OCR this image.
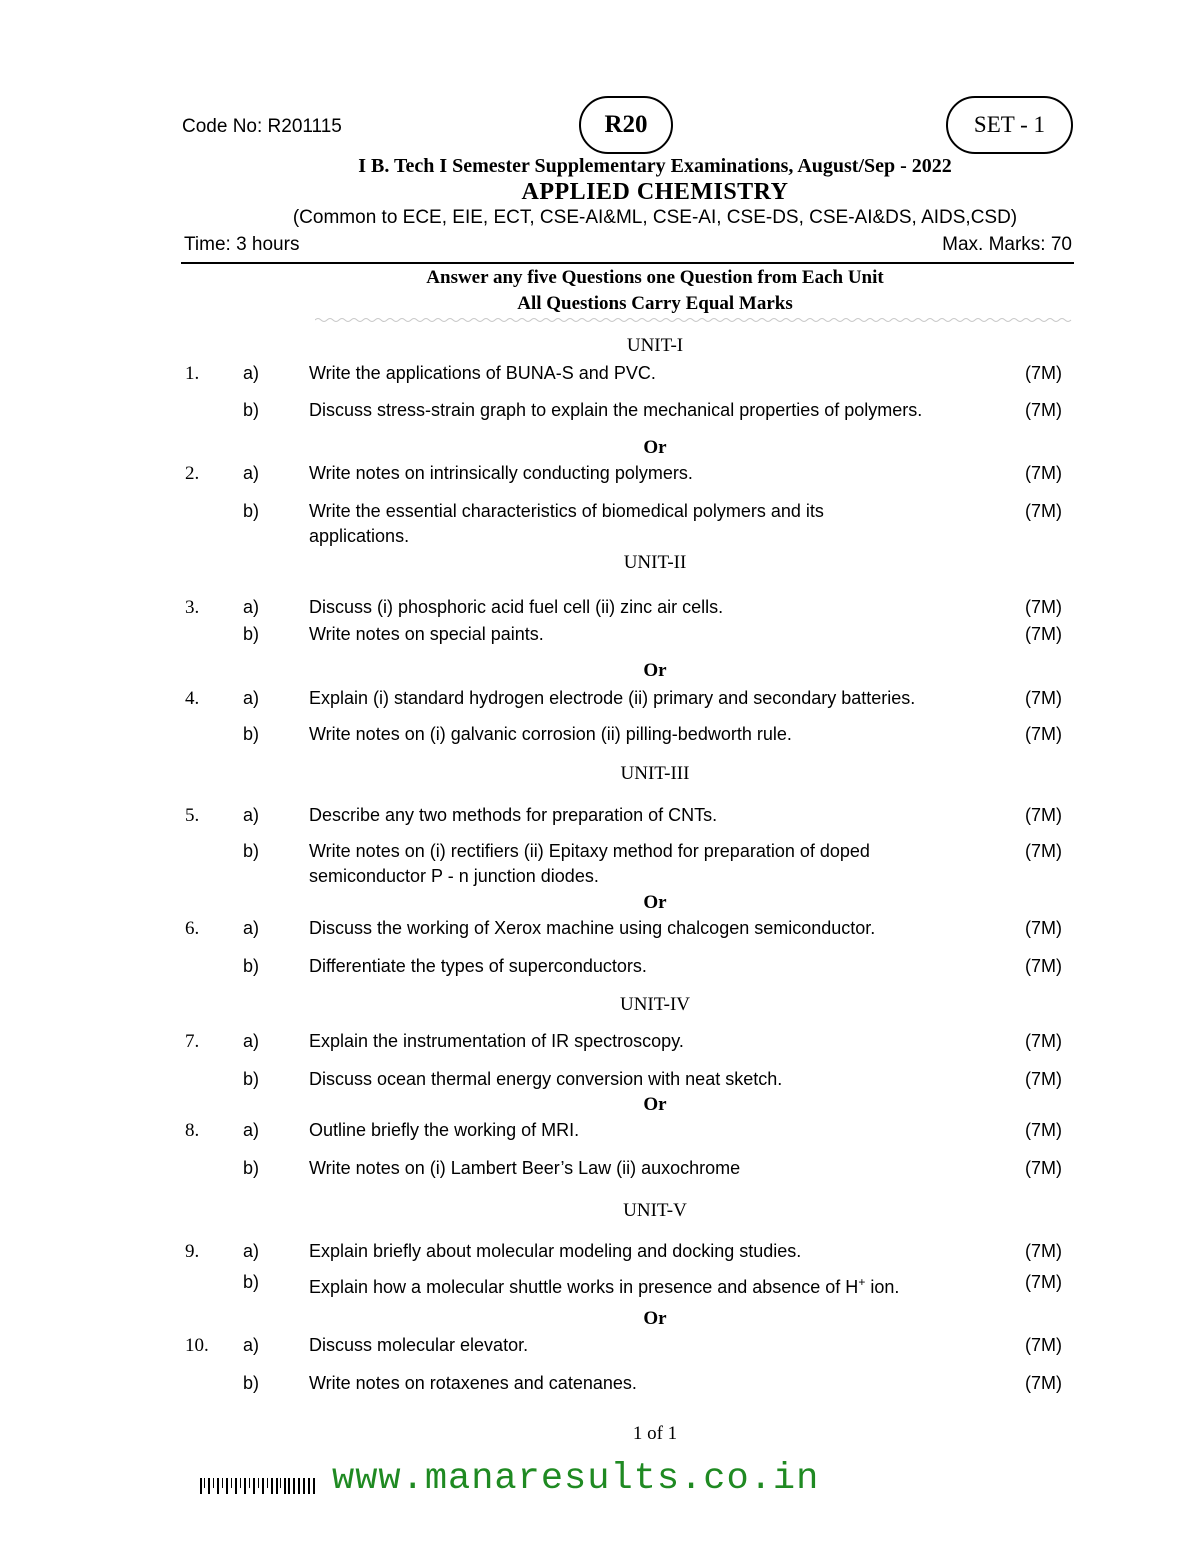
Code No: R201115	R20	SET - 1
I B. Tech I Semester Supplementary Examinations, August/Sep - 2022
APPLIED CHEMISTRY
(Common to ECE, EIE, ECT, CSE-AI&ML, CSE-AI, CSE-DS, CSE-AI&DS, AIDS,CSD)
Time: 3 hours	Max. Marks: 70
Answer any five Questions one Question from Each Unit
All Questions Carry Equal Marks
UNIT-I
1. a)	Write the applications of BUNA-S and PVC.	(7M)
b)	Discuss stress-strain graph to explain the mechanical properties of polymers.	(7M)
Or
2. a)	Write notes on intrinsically conducting polymers.	(7M)
b)	Write the essential characteristics of biomedical polymers and its applications.
(7M)
UNIT-II
3. a)	Discuss (i) phosphoric acid fuel cell (ii) zinc air cells.	(7M)
b)	Write notes on special paints.	(7M)
Or
4. a)	Explain (i) standard hydrogen electrode (ii) primary and secondary batteries.	(7M)
b)	Write notes on (i) galvanic corrosion (ii) pilling-bedworth rule.	(7M)
UNIT-III
5. a)	Describe any two methods for preparation of CNTs.	(7M)
b)	Write notes on (i) rectifiers (ii) Epitaxy method for preparation of doped semiconductor P - n junction diodes.
(7M)
Or
6. a)	Discuss the working of Xerox machine using chalcogen semiconductor.	(7M)
b)	Differentiate the types of superconductors.	(7M)
UNIT-IV
7. a)	Explain the instrumentation of IR spectroscopy.	(7M)
b)	Discuss ocean thermal energy conversion with neat sketch.	(7M)
Or
8. a)	Outline briefly the working of MRI.	(7M)
b)	Write notes on (i) Lambert Beer’s Law (ii) auxochrome	(7M)
UNIT-V
9. a)	Explain briefly about molecular modeling and docking studies.	(7M)
b)	Explain how a molecular shuttle works in presence and absence of H+ ion.	(7M)
Or
10. a)	Discuss molecular elevator.	(7M)
b)	Write notes on rotaxenes and catenanes.	(7M)
1 of 1
www.manaresults.co.in
